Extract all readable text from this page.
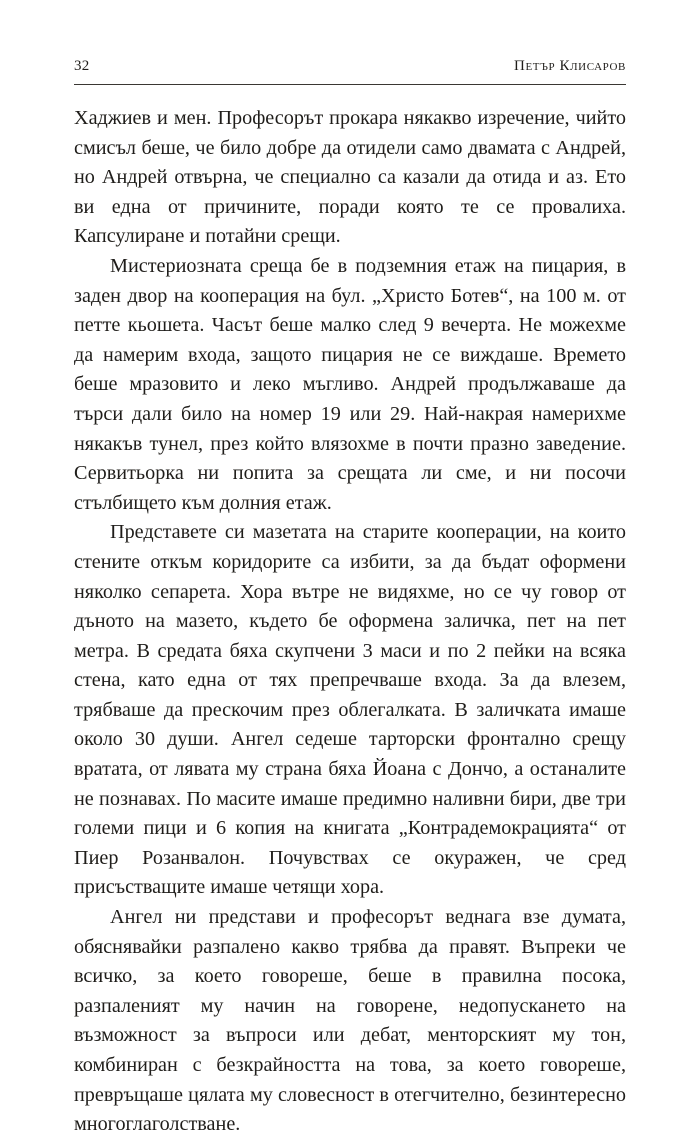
32	Петър Клисаров

Хаджиев и мен. Професорът прокара някакво изречение, чийто смисъл беше, че било добре да отидели само двамата с Андрей, но Андрей отвърна, че специално са казали да отида и аз. Ето ви една от причините, поради която те се провалиха. Капсулиране и потайни срещи.

Мистериозната среща бе в подземния етаж на пицария, в заден двор на кооперация на бул. „Христо Ботев“, на 100 м. от петте кьошета. Часът беше малко след 9 вечерта. Не можехме да намерим входа, защото пицария не се виждаше. Времето беше мразовито и леко мъгливо. Андрей продължаваше да търси дали било на номер 19 или 29. Най-накрая намерихме някакъв тунел, през който влязохме в почти празно заведение. Сервитьорка ни попита за срещата ли сме, и ни посочи стълбището към долния етаж.

Представете си мазетата на старите кооперации, на които стените откъм коридорите са избити, за да бъдат оформени няколко сепарета. Хора вътре не видяхме, но се чу говор от дъното на мазето, където бе оформена заличка, пет на пет метра. В средата бяха скупчени 3 маси и по 2 пейки на всяка стена, като една от тях препречваше входа. За да влезем, трябваше да прескочим през облегалката. В заличката имаше около 30 души. Ангел седеше тарторски фронтално срещу вратата, от лявата му страна бяха Йоана с Дончо, а останалите не познавах. По масите имаше предимно наливни бири, две три големи пици и 6 копия на книгата „Контрадемокрацията“ от Пиер Розанвалон. Почувствах се окуражен, че сред присъстващите имаше четящи хора.

Ангел ни представи и професорът веднага взе думата, обяснявайки разпалено какво трябва да правят. Въпреки че всичко, за което говореше, беше в правилна посока, разпаленият му начин на говорене, недопускането на възможност за въпроси или дебат, менторският му тон, комбиниран с безкрайността на това, за което говореше, превръщаше цялата му словесност в отегчително, безинтересно многоглаголстване.
